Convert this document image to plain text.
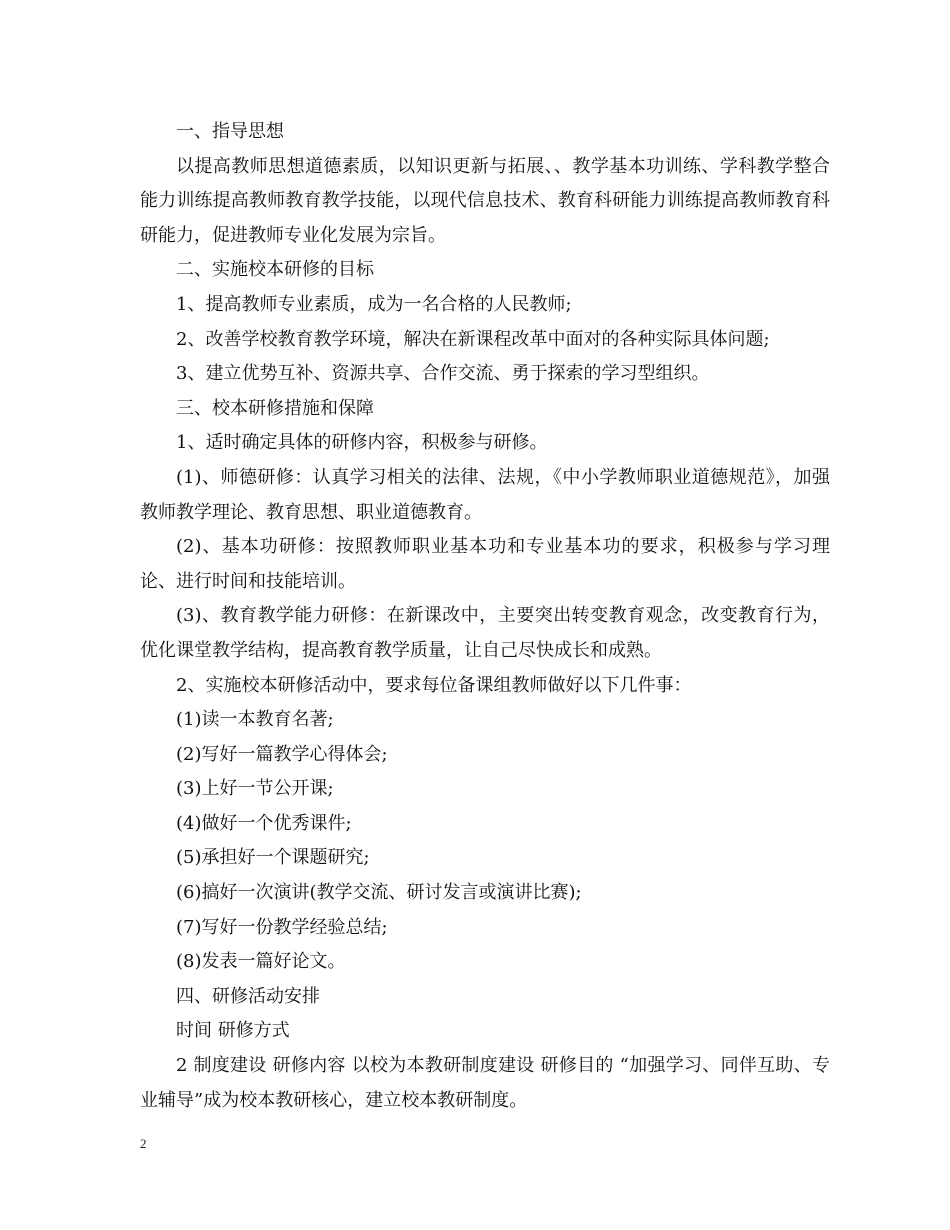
一、指导思想

以提高教师思想道德素质，以知识更新与拓展、、教学基本功训练、学科教学整合能力训练提高教师教育教学技能，以现代信息技术、教育科研能力训练提高教师教育科研能力，促进教师专业化发展为宗旨。

二、实施校本研修的目标

1、提高教师专业素质，成为一名合格的人民教师;

2、改善学校教育教学环境，解决在新课程改革中面对的各种实际具体问题;

3、建立优势互补、资源共享、合作交流、勇于探索的学习型组织。

三、校本研修措施和保障

1、适时确定具体的研修内容，积极参与研修。

(1)、师德研修：认真学习相关的法律、法规，《中小学教师职业道德规范》，加强教师教学理论、教育思想、职业道德教育。

(2)、基本功研修：按照教师职业基本功和专业基本功的要求，积极参与学习理论、进行时间和技能培训。

(3)、教育教学能力研修：在新课改中，主要突出转变教育观念，改变教育行为，优化课堂教学结构，提高教育教学质量，让自己尽快成长和成熟。

2、实施校本研修活动中，要求每位备课组教师做好以下几件事：

(1)读一本教育名著;

(2)写好一篇教学心得体会;

(3)上好一节公开课;

(4)做好一个优秀课件;

(5)承担好一个课题研究;

(6)搞好一次演讲(教学交流、研讨发言或演讲比赛);

(7)写好一份教学经验总结;

(8)发表一篇好论文。

四、研修活动安排

时间 研修方式

2 制度建设 研修内容 以校为本教研制度建设 研修目的 “加强学习、同伴互助、专业辅导”成为校本教研核心，建立校本教研制度。

2
